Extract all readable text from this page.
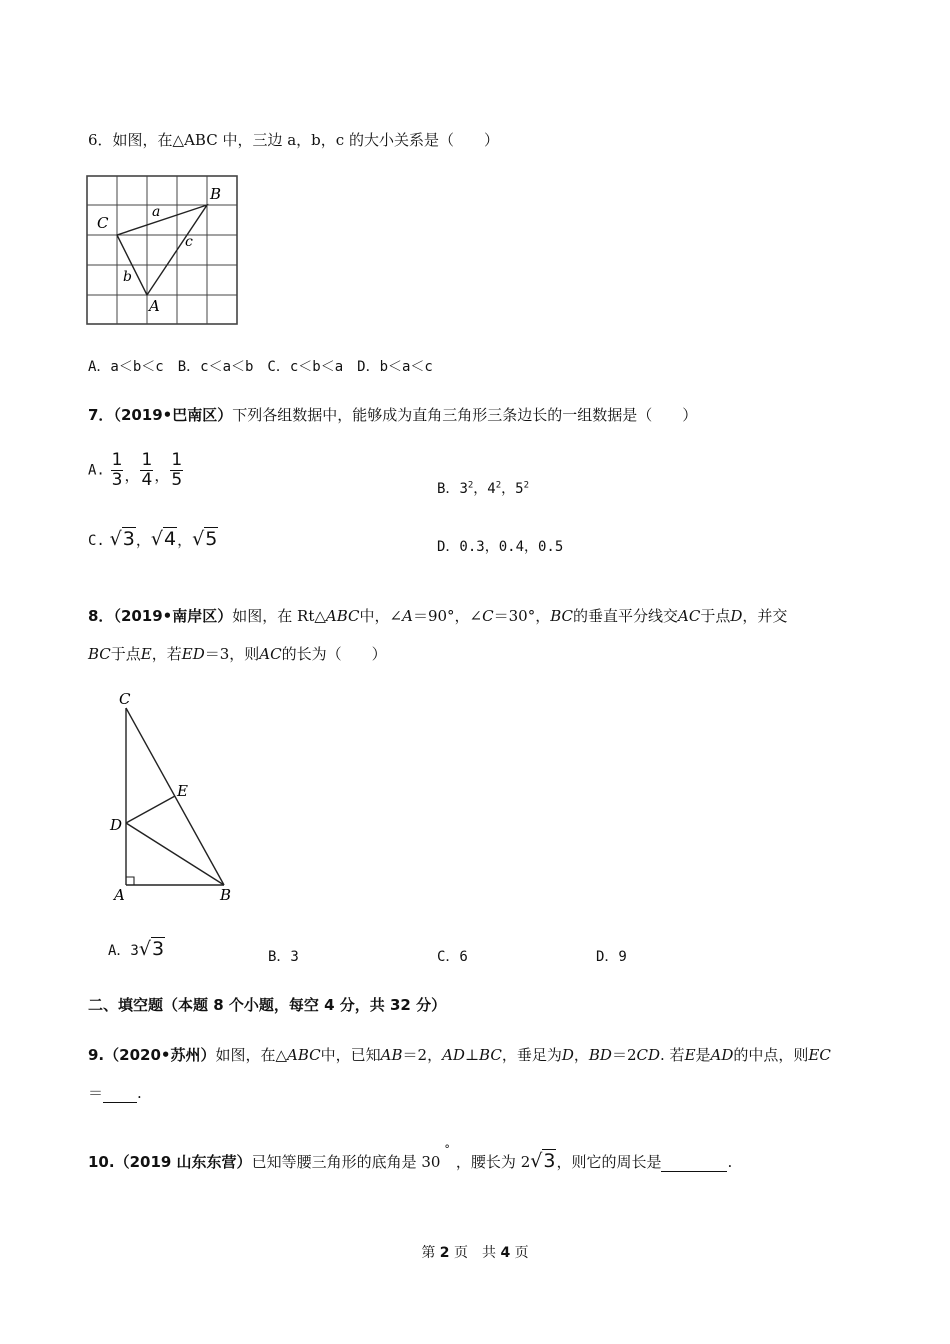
6．如图，在△ABC 中，三边 a，b，c 的大小关系是（　　）
B
C
A
a
c
b
A．a＜b＜c　B．c＜a＜b　C．c＜b＜a　D．b＜a＜c
7．（2019•巴南区）下列各组数据中，能够成为直角三角形三条边长的一组数据是（　　）
A. $\frac{1}{3}$ ， $\frac{1}{4}$ ， $\frac{1}{5}$	B．$3^2$，$4^2$，$5^2$
C. √3，√4，√5	D．0.3，0.4，0.5
8．（2019•南岸区）如图，在 Rt△ABC中，∠A＝90°，∠C＝30°，BC的垂直平分线交AC于点D，并交
BC于点E，若ED＝3，则AC的长为（　　）
C
E
D
A	B
A．3√3	B．3	C．6	D．9
二、填空题（本题 8 个小题，每空 4 分，共 32 分）
9.（2020•苏州）如图，在△ABC中，已知AB＝2，AD⊥BC，垂足为D，BD＝2CD. 若E是AD的中点，则EC
＝ .
10.（2019 山东东营）已知等腰三角形的底角是 30°，腰长为 2√3，则它的周长是	.
第 2 页　共 4 页
